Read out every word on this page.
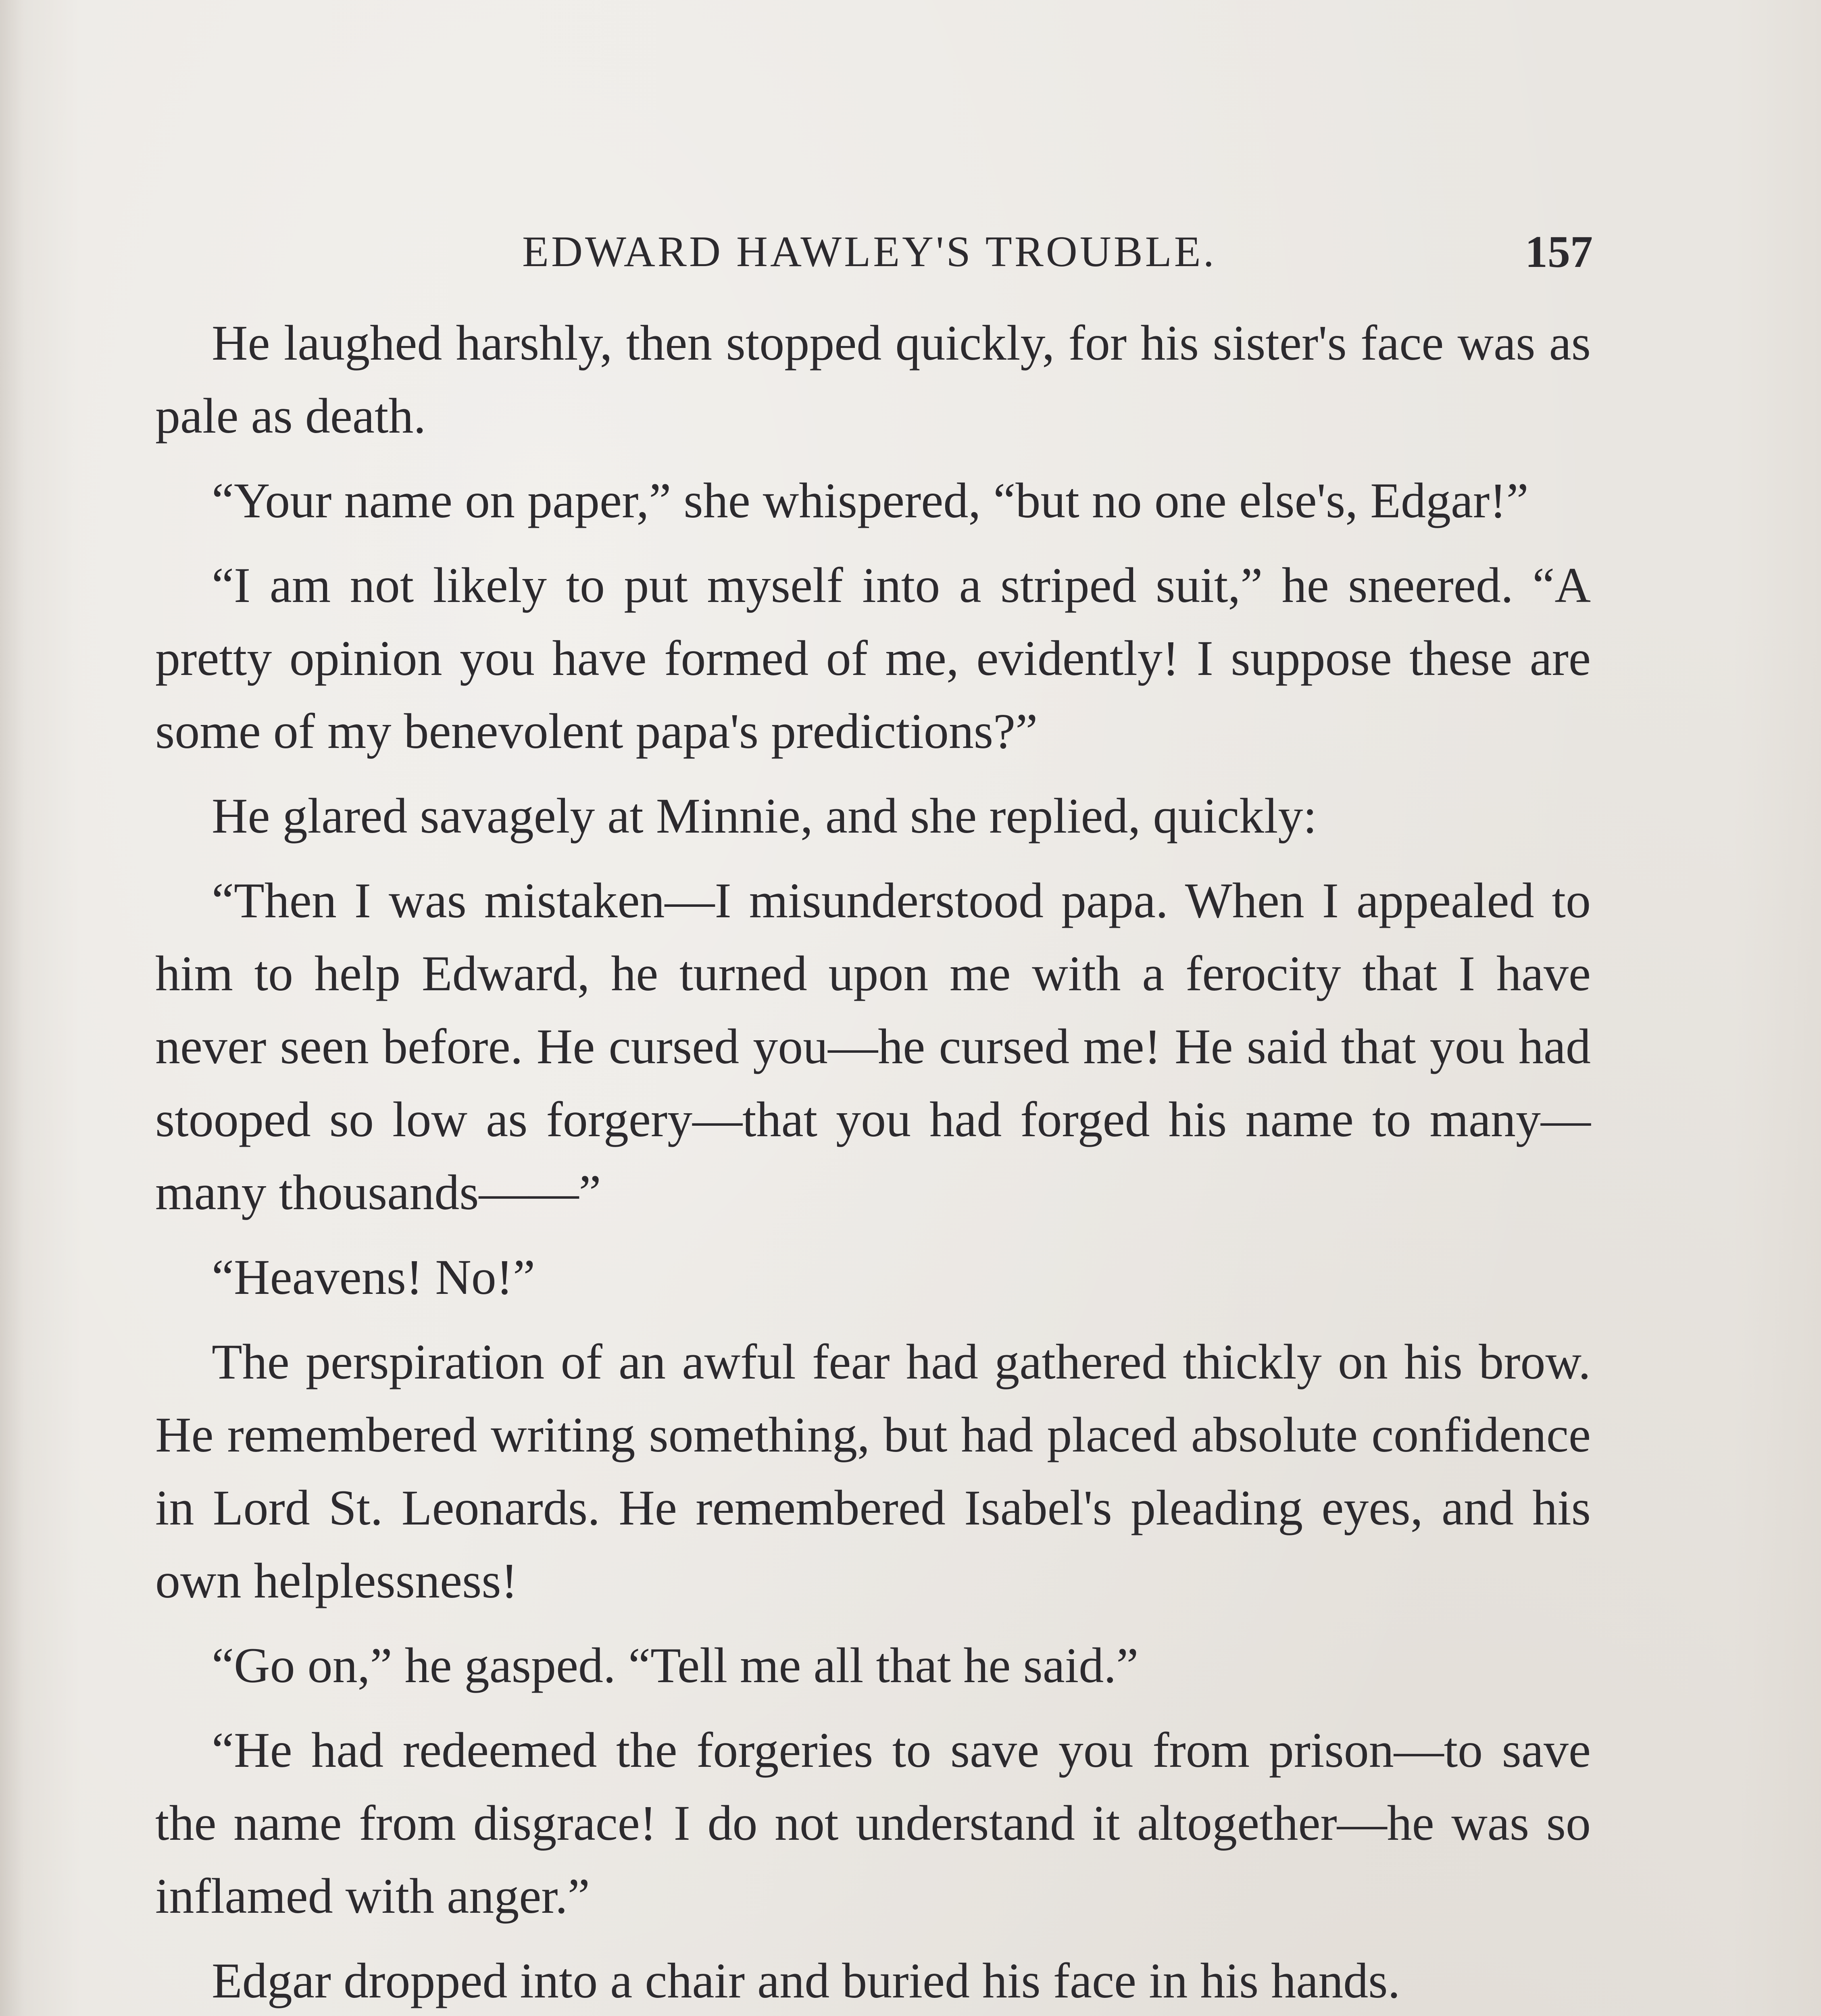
EDWARD HAWLEY'S TROUBLE.	157

He laughed harshly, then stopped quickly, for his sister's face was as pale as death.

“Your name on paper,” she whispered, “but no one else's, Edgar!”

“I am not likely to put myself into a striped suit,” he sneered. “A pretty opinion you have formed of me, evidently! I suppose these are some of my benevolent papa's predictions?”

He glared savagely at Minnie, and she replied, quickly:

“Then I was mistaken—I misunderstood papa. When I appealed to him to help Edward, he turned upon me with a ferocity that I have never seen before. He cursed you—he cursed me! He said that you had stooped so low as forgery—that you had forged his name to many—many thousands——”

“Heavens! No!”

The perspiration of an awful fear had gathered thickly on his brow. He remembered writing something, but had placed absolute confidence in Lord St. Leonards. He remembered Isabel's pleading eyes, and his own helplessness!

“Go on,” he gasped. “Tell me all that he said.”

“He had redeemed the forgeries to save you from prison—to save the name from disgrace! I do not understand it altogether—he was so inflamed with anger.”

Edgar dropped into a chair and buried his face in his hands.
